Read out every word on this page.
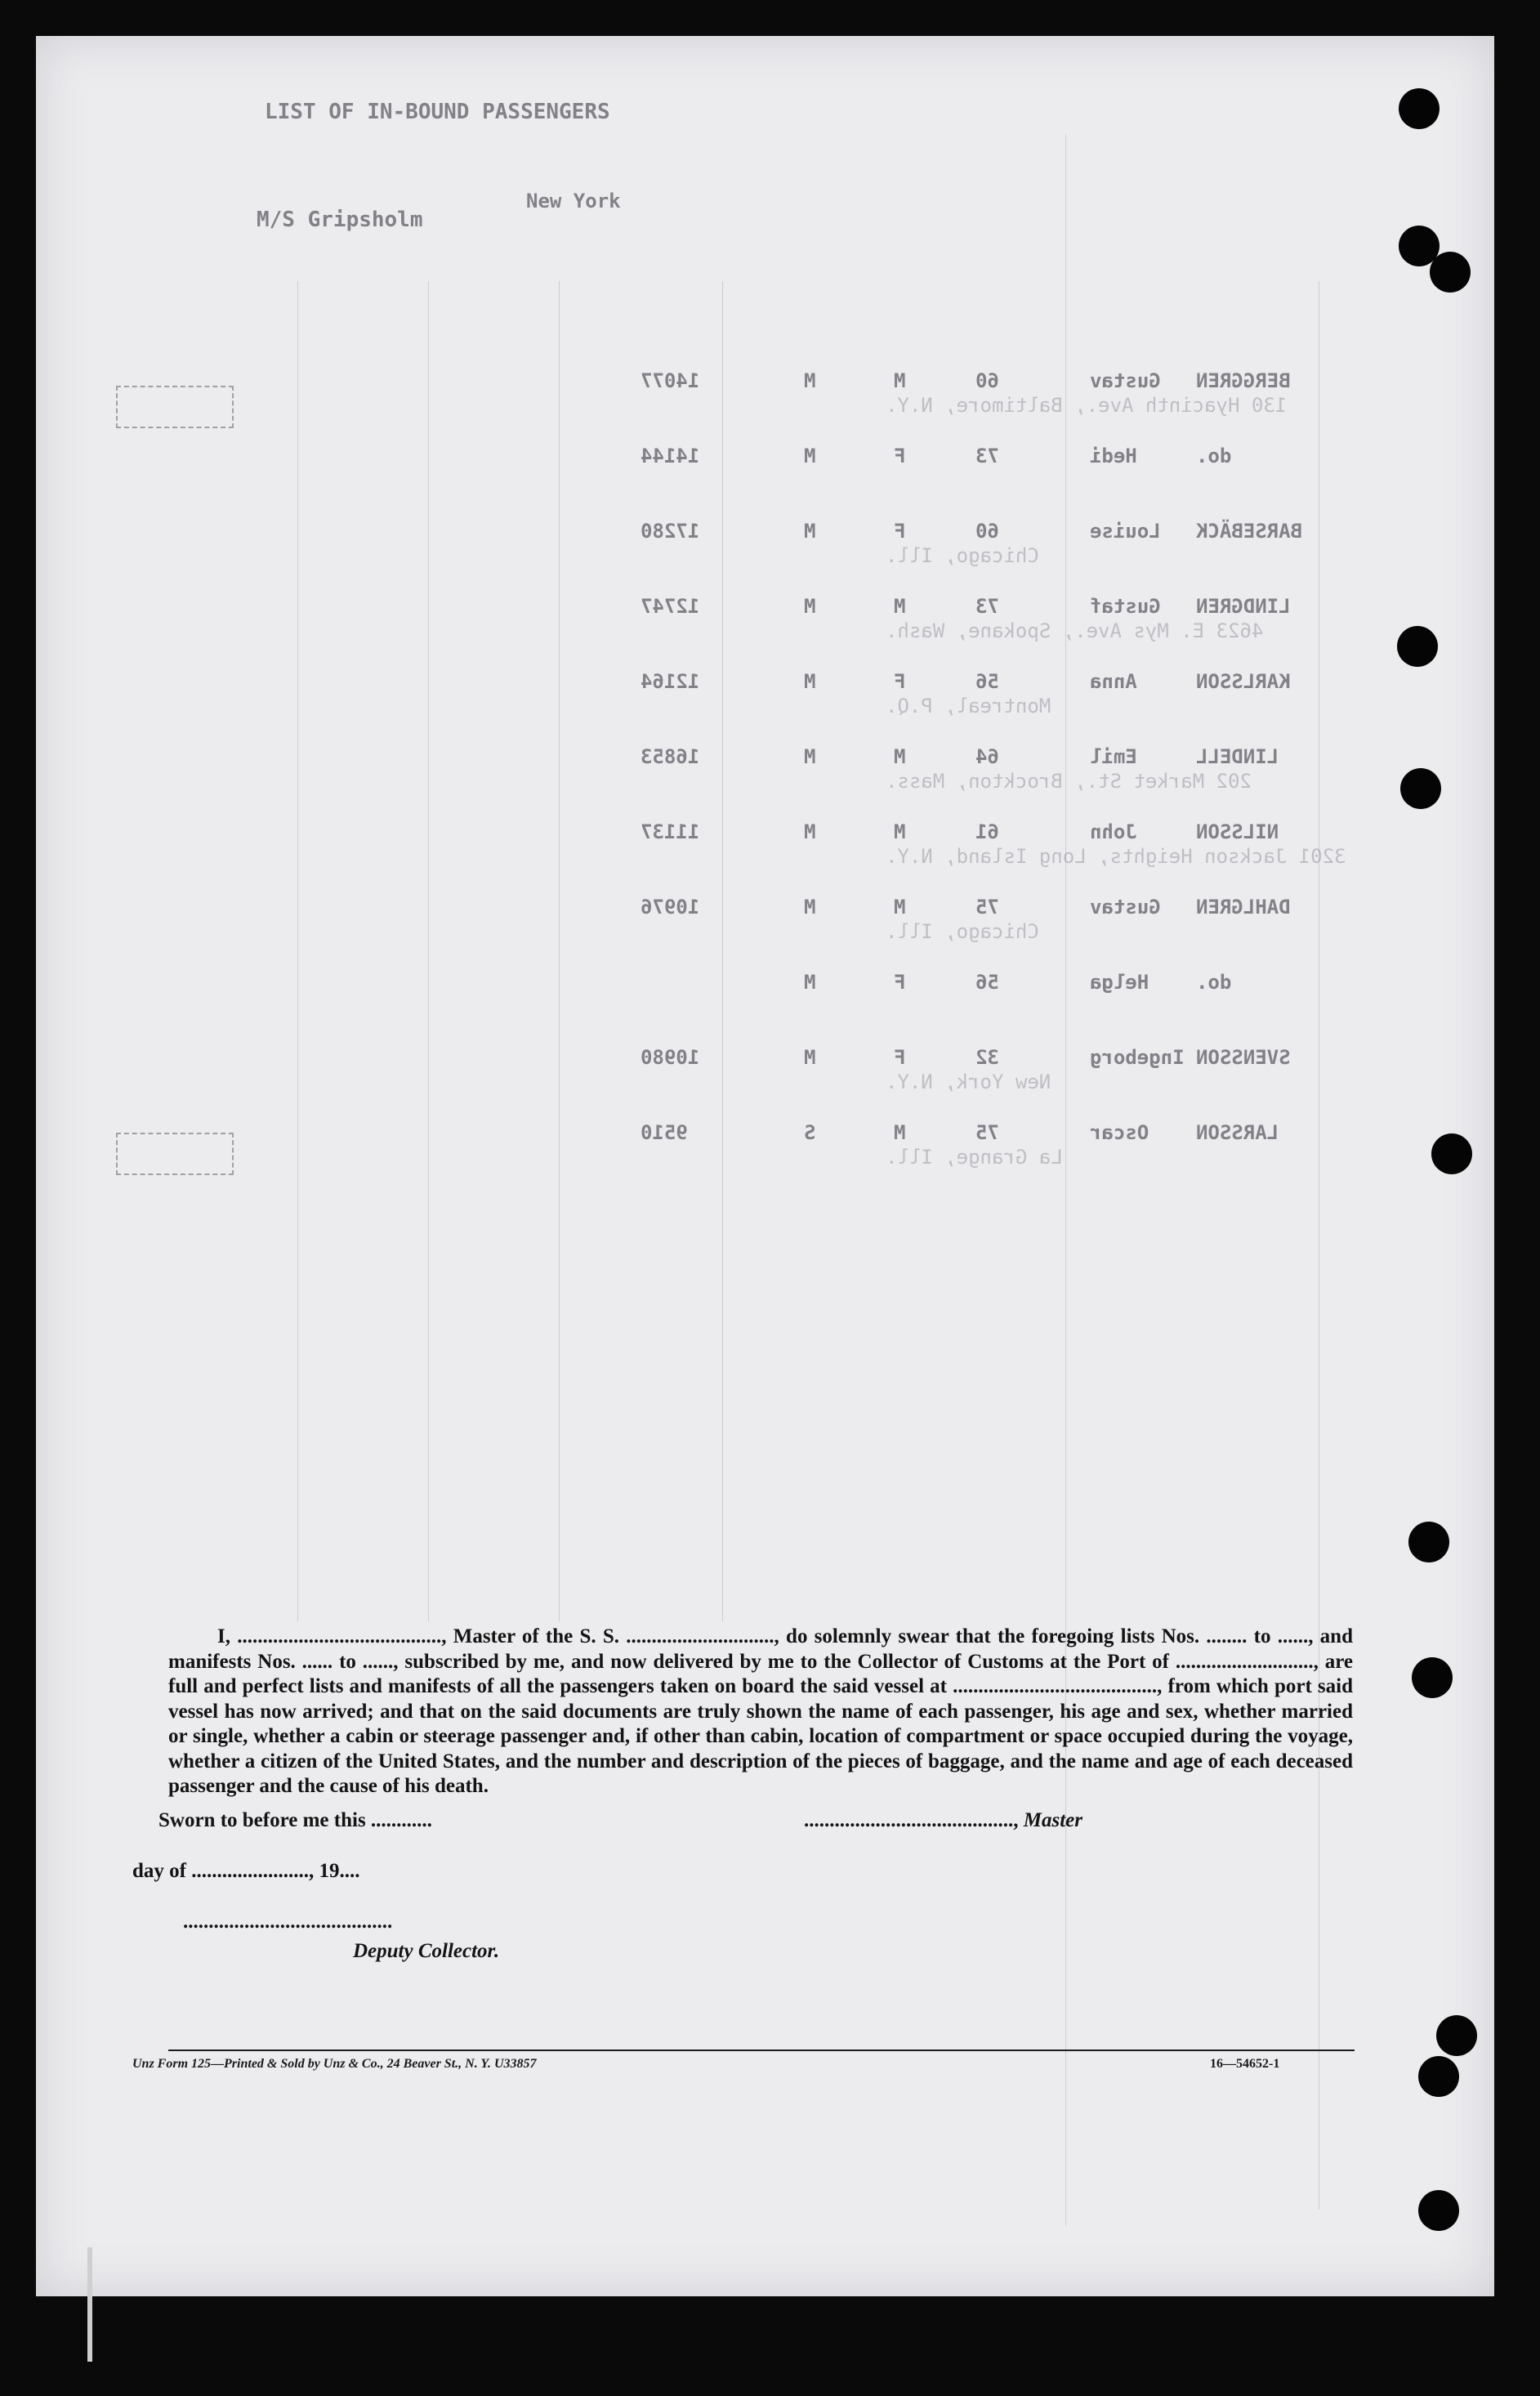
LIST OF IN-BOUND PASSENGERS
M/S Gripsholm
New York
BERGGREN
Gustav
60
M
M
14077
130 Hyacinth Ave., Baltimore, N.Y.
do.
Hedi
73
F
M
14144
BARSEBÄCK
Louise
60
F
M
17280
Chicago, Ill.
LINDGREN
Gustaf
73
M
M
12747
4623 E. Mys Ave., Spokane, Wash.
KARLSSON
Anna
56
F
M
12164
Montreal, P.Q.
LINDELL
Emil
64
M
M
16853
202 Market St., Brockton, Mass.
NILSSON
John
61
M
M
11137
3201 Jackson Heights, Long Island, N.Y.
DAHLGREN
Gustav
75
M
M
10976
Chicago, Ill.
do.
Helga
56
F
M
SVENSSON
Ingeborg
32
F
M
10980
New York, N.Y.
LARSSON
Oscar
75
M
S
9510
La Grange, Ill.

I, ........................................, Master of the S. S. ............................., do solemnly swear that the foregoing lists Nos. ........ to ......, and manifests Nos. ...... to ......, subscribed by me, and now delivered by me to the Collector of Customs at the Port of ..........................., are full and perfect lists and manifests of all the passengers taken on board the said vessel at ........................................, from which port said vessel has now arrived; and that on the said documents are truly shown the name of each passenger, his age and sex, whether married or single, whether a cabin or steerage passenger and, if other than cabin, location of compartment or space occupied during the voyage, whether a citizen of the United States, and the number and description of the pieces of baggage, and the name and age of each deceased passenger and the cause of his death.

Sworn to before me this ............	........................................., Master
day of ......................., 19....
.........................................
Deputy Collector.
Unz Form 125—Printed & Sold by Unz & Co., 24 Beaver St., N. Y. U33857	16—54652-1
